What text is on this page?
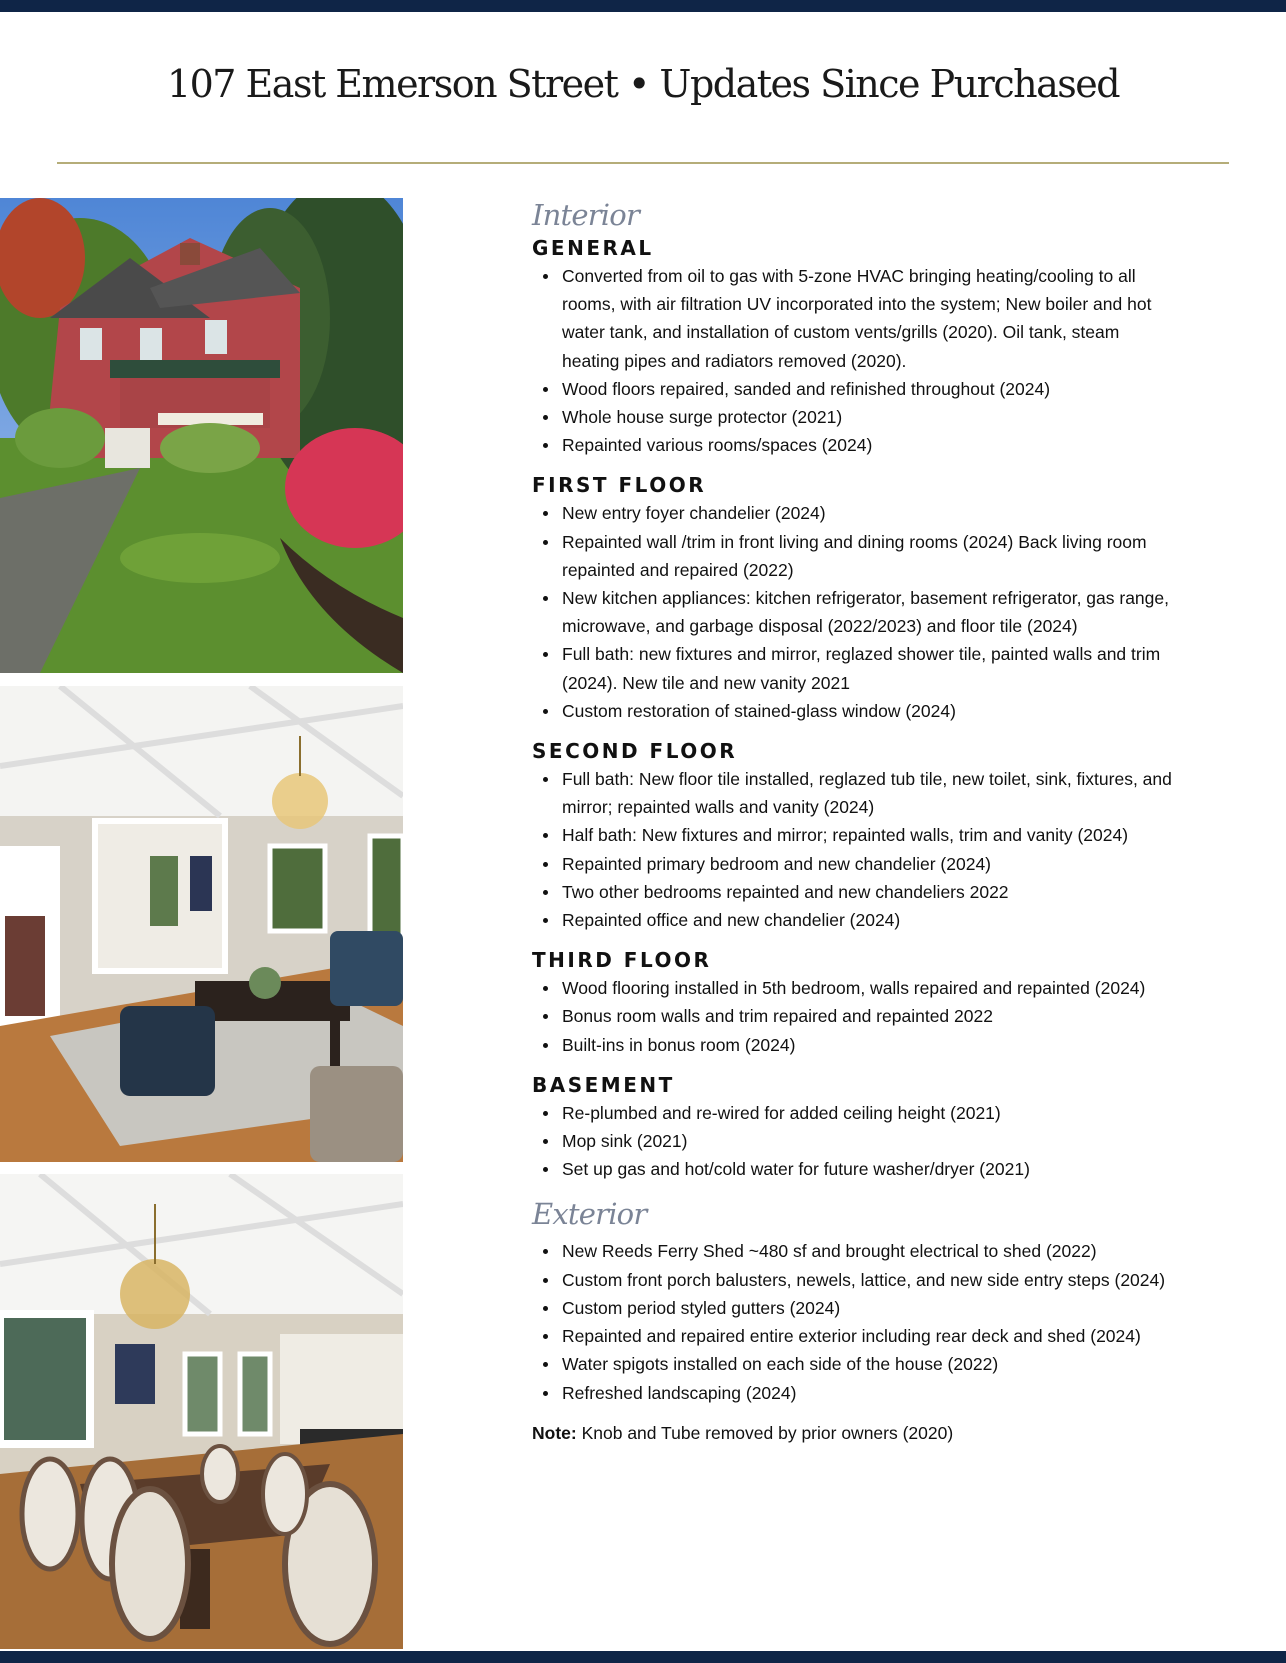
107 East Emerson Street • Updates Since Purchased
Interior
GENERAL
Converted from oil to gas with 5-zone HVAC bringing heating/cooling to all rooms, with air filtration UV incorporated into the system; New boiler and hot water tank, and installation of custom vents/grills (2020). Oil tank, steam heating pipes and radiators removed (2020).
Wood floors repaired, sanded and refinished throughout (2024)
Whole house surge protector (2021)
Repainted various rooms/spaces (2024)
FIRST FLOOR
New entry foyer chandelier (2024)
Repainted wall /trim in front living and dining rooms (2024) Back living room repainted and repaired (2022)
New kitchen appliances: kitchen refrigerator, basement refrigerator, gas range, microwave, and garbage disposal (2022/2023) and floor tile (2024)
Full bath: new fixtures and mirror, reglazed shower tile, painted walls and trim (2024). New tile and new vanity 2021
Custom restoration of stained-glass window (2024)
SECOND FLOOR
Full bath: New floor tile installed, reglazed tub tile, new toilet, sink, fixtures, and mirror; repainted walls and vanity (2024)
Half bath: New fixtures and mirror; repainted walls, trim and vanity (2024)
Repainted primary bedroom and new chandelier (2024)
Two other bedrooms repainted and new chandeliers 2022
Repainted office and new chandelier (2024)
THIRD FLOOR
Wood flooring installed in 5th bedroom, walls repaired and repainted (2024)
Bonus room walls and trim repaired and repainted 2022
Built-ins in bonus room (2024)
BASEMENT
Re-plumbed and re-wired for added ceiling height (2021)
Mop sink (2021)
Set up gas and hot/cold water for future washer/dryer (2021)
Exterior
New Reeds Ferry Shed ~480 sf and brought electrical to shed (2022)
Custom front porch balusters, newels, lattice, and new side entry steps (2024)
Custom period styled gutters (2024)
Repainted and repaired entire exterior including rear deck and shed (2024)
Water spigots installed on each side of the house (2022)
Refreshed landscaping (2024)

Note: Knob and Tube removed by prior owners (2020)
